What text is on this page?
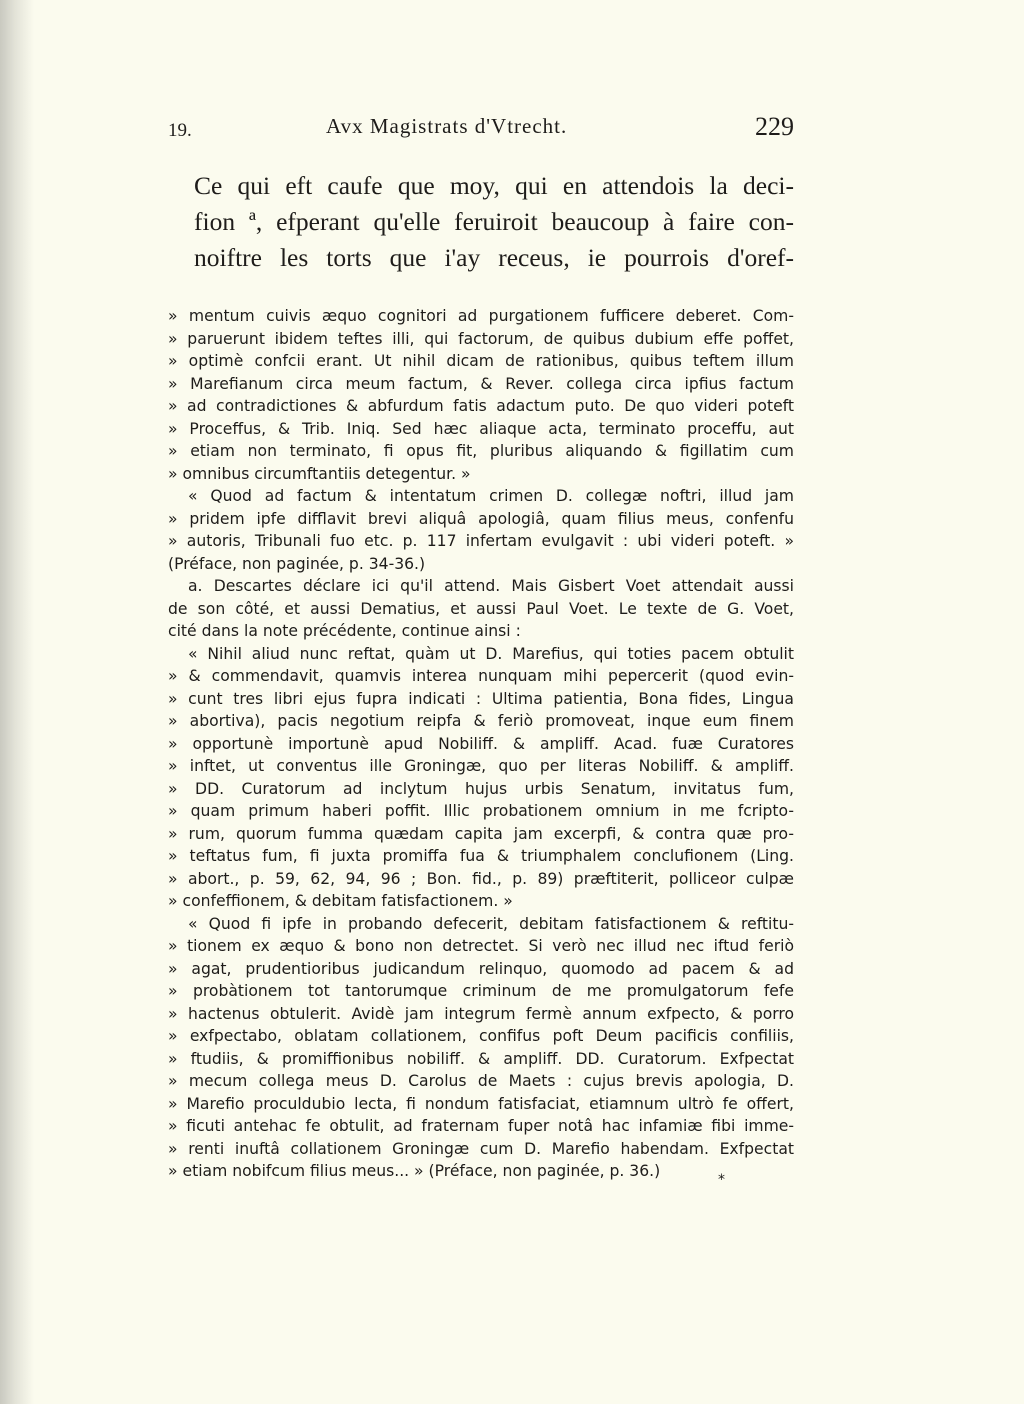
19.	Avx Magistrats d'Vtrecht.	229
Ce qui eft caufe que moy, qui en attendois la deci-
fion ª, efperant qu'elle feruiroit beaucoup à faire con-
noiftre les torts que i'ay receus, ie pourrois d'oref-
» mentum cuivis æquo cognitori ad purgationem fufficere deberet. Com-
» paruerunt ibidem teftes illi, qui factorum, de quibus dubium effe poffet,
» optimè confcii erant. Ut nihil dicam de rationibus, quibus teftem illum
» Marefianum circa meum factum, & Rever. collega circa ipfius factum
» ad contradictiones & abfurdum fatis adactum puto. De quo videri poteft
» Proceffus, & Trib. Iniq. Sed hæc aliaque acta, terminato proceffu, aut
» etiam non terminato, fi opus fit, pluribus aliquando & figillatim cum
» omnibus circumftantiis detegentur. »
« Quod ad factum & intentatum crimen D. collegæ noftri, illud jam
» pridem ipfe difflavit brevi aliquâ apologiâ, quam filius meus, confenfu
» autoris, Tribunali fuo etc. p. 117 infertam evulgavit : ubi videri poteft. »
(Préface, non paginée, p. 34-36.)
a. Descartes déclare ici qu'il attend. Mais Gisbert Voet attendait aussi
de son côté, et aussi Dematius, et aussi Paul Voet. Le texte de G. Voet,
cité dans la note précédente, continue ainsi :
« Nihil aliud nunc reftat, quàm ut D. Marefius, qui toties pacem obtulit
» & commendavit, quamvis interea nunquam mihi pepercerit (quod evin-
» cunt tres libri ejus fupra indicati : Ultima patientia, Bona fides, Lingua
» abortiva), pacis negotium reipfa & feriò promoveat, inque eum finem
» opportunè importunè apud Nobiliff. & ampliff. Acad. fuæ Curatores
» inftet, ut conventus ille Groningæ, quo per literas Nobiliff. & ampliff.
» DD. Curatorum ad inclytum hujus urbis Senatum, invitatus fum,
» quam primum haberi poffit. Illic probationem omnium in me fcripto-
» rum, quorum fumma quædam capita jam excerpfi, & contra quæ pro-
» teftatus fum, fi juxta promiffa fua & triumphalem conclufionem (Ling.
» abort., p. 59, 62, 94, 96 ; Bon. fid., p. 89) præftiterit, polliceor culpæ
» confeffionem, & debitam fatisfactionem. »
« Quod fi ipfe in probando defecerit, debitam fatisfactionem & reftitu-
» tionem ex æquo & bono non detrectet. Si verò nec illud nec iftud feriò
» agat, prudentioribus judicandum relinquo, quomodo ad pacem & ad
» probàtionem tot tantorumque criminum de me promulgatorum fefe
» hactenus obtulerit. Avidè jam integrum fermè annum exfpecto, & porro
» exfpectabo, oblatam collationem, confifus poft Deum pacificis confiliis,
» ftudiis, & promiffionibus nobiliff. & ampliff. DD. Curatorum. Exfpectat
» mecum collega meus D. Carolus de Maets : cujus brevis apologia, D.
» Marefio proculdubio lecta, fi nondum fatisfaciat, etiamnum ultrò fe offert,
» ficuti antehac fe obtulit, ad fraternam fuper notâ hac infamiæ fibi imme-
» renti inuftâ collationem Groningæ cum D. Marefio habendam. Exfpectat
» etiam nobifcum filius meus... » (Préface, non paginée, p. 36.)	*
